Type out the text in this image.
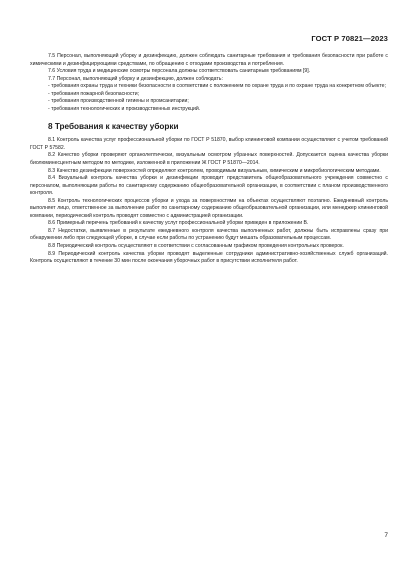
ГОСТ Р 70821—2023

7.5 Персонал, выполняющий уборку и дезинфекцию, должен соблюдать санитарные требования и требования безопасности при работе с химическими и дезинфицирующими средствами, по обращению с отходами производства и потребления.

7.6 Условия труда и медицинские осмотры персонала должны соответствовать санитарным требованиям [9].

7.7 Персонал, выполняющий уборку и дезинфекцию, должен соблюдать:

- требования охраны труда и техники безопасности в соответствии с положением по охране труда и по охране труда на конкретном объекте;

- требования пожарной безопасности;

- требования производственной гигиены и промсанитарии;

- требования технологических и производственных инструкций.

8 Требования к качеству уборки

8.1 Контроль качества услуг профессиональной уборки по ГОСТ Р 51870, выбор клининговой компании осуществляют с учетом требований ГОСТ Р 57582.

8.2 Качество уборки проверяют органолептически, визуальным осмотром убранных поверхностей. Допускается оценка качества уборки биолюминесцентным методом по методике, изложенной в приложении Ж ГОСТ Р 51870—2014.

8.3 Качество дезинфекции поверхностей определяют контролем, проводимым визуальным, химическим и микробиологическим методами.

8.4 Визуальный контроль качества уборки и дезинфекции проводит представитель общеобразовательного учреждения совместно с персоналом, выполняющим работы по санитарному содержанию общеобразовательной организации, в соответствии с планом производственного контроля.

8.5 Контроль технологических процессов уборки и ухода за поверхностями на объектах осуществляют поэтапно. Ежедневный контроль выполняет лицо, ответственное за выполнение работ по санитарному содержанию общеобразовательной организации, или менеджер клининговой компании, периодический контроль проводят совместно с администрацией организации.

8.6 Примерный перечень требований к качеству услуг профессиональной уборки приведен в приложении В.

8.7 Недостатки, выявленные в результате ежедневного контроля качества выполненных работ, должны быть исправлены сразу при обнаружении либо при следующей уборке, в случае если работы по устранению будут мешать образовательным процессам.

8.8 Периодический контроль осуществляют в соответствии с согласованным графиком проведения контрольных проверок.

8.9 Периодический контроль качества уборки проводят выделенные сотрудники административно-хозяйственных служб организаций. Контроль осуществляют в течение 30 мин после окончания уборочных работ в присутствии исполнителя работ.

7
